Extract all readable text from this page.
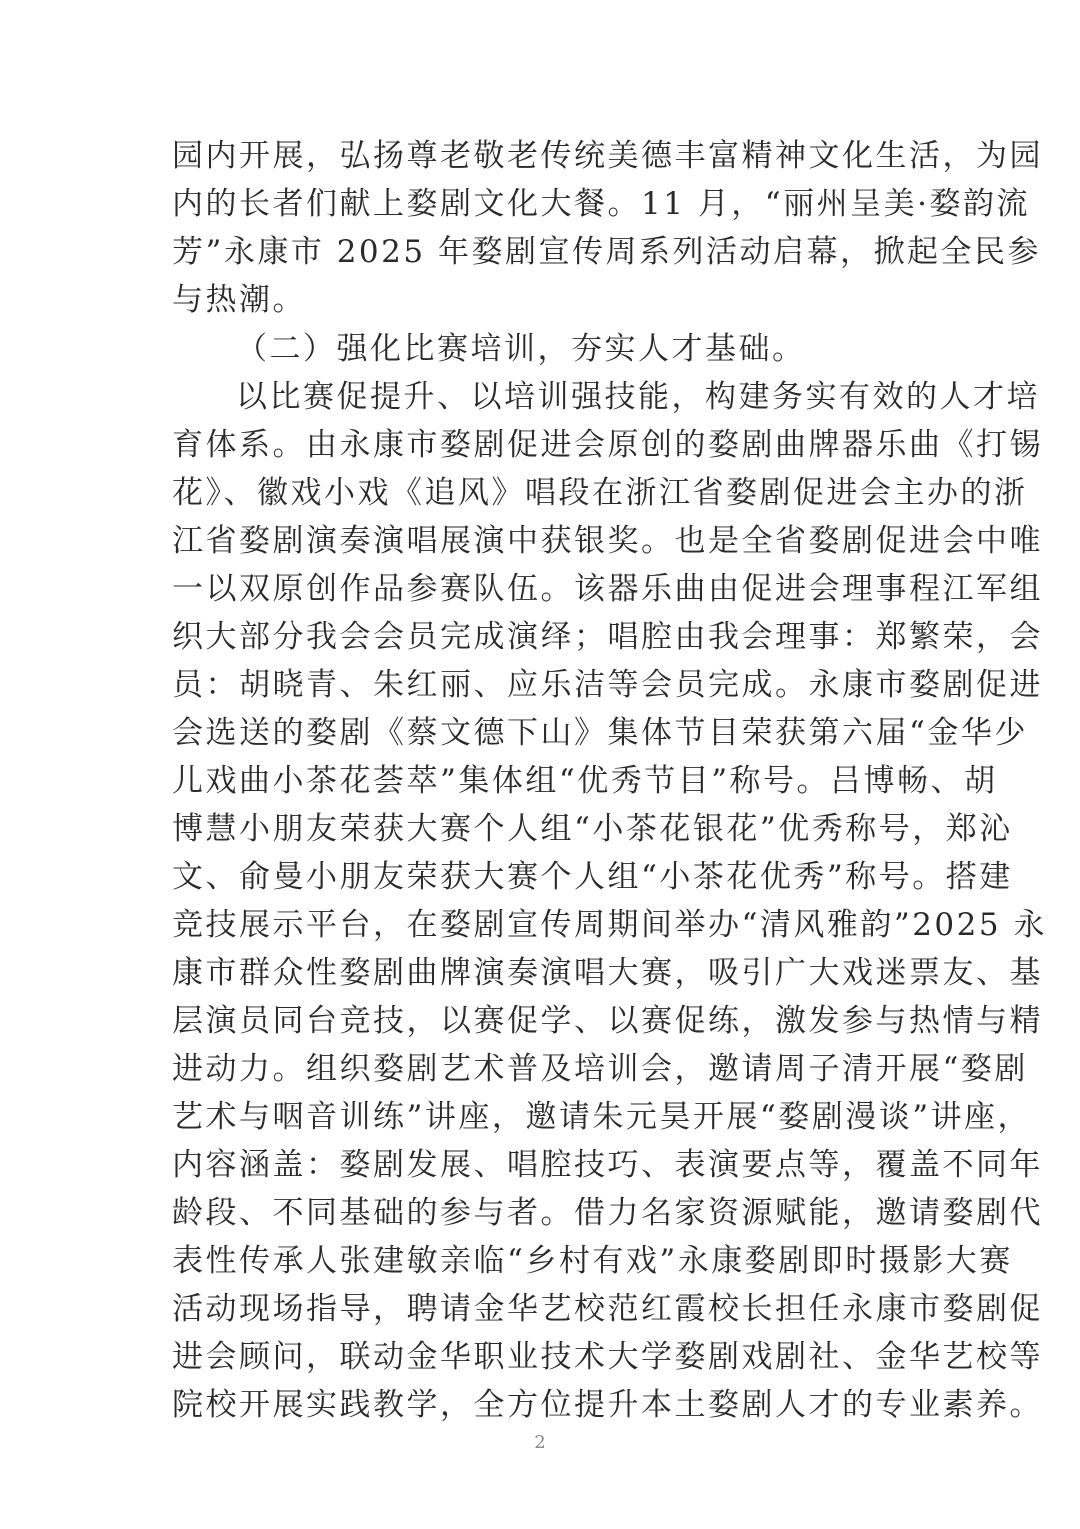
园内开展，弘扬尊老敬老传统美德丰富精神文化生活，为园
内的长者们献上婺剧文化大餐。11 月，“丽州呈美·婺韵流
芳”永康市 2025 年婺剧宣传周系列活动启幕，掀起全民参
与热潮。
（二）强化比赛培训，夯实人才基础。
以比赛促提升、以培训强技能，构建务实有效的人才培
育体系。由永康市婺剧促进会原创的婺剧曲牌器乐曲《打锡
花》、徽戏小戏《追风》唱段在浙江省婺剧促进会主办的浙
江省婺剧演奏演唱展演中获银奖。也是全省婺剧促进会中唯
一以双原创作品参赛队伍。该器乐曲由促进会理事程江军组
织大部分我会会员完成演绎；唱腔由我会理事：郑繁荣，会
员：胡晓青、朱红丽、应乐洁等会员完成。永康市婺剧促进
会选送的婺剧《蔡文德下山》集体节目荣获第六届“金华少
儿戏曲小茶花荟萃”集体组“优秀节目”称号。吕博畅、胡
博慧小朋友荣获大赛个人组“小茶花银花”优秀称号，郑沁
文、俞曼小朋友荣获大赛个人组“小茶花优秀”称号。搭建
竞技展示平台，在婺剧宣传周期间举办“清风雅韵”2025 永
康市群众性婺剧曲牌演奏演唱大赛，吸引广大戏迷票友、基
层演员同台竞技，以赛促学、以赛促练，激发参与热情与精
进动力。组织婺剧艺术普及培训会，邀请周子清开展“婺剧
艺术与咽音训练”讲座，邀请朱元昊开展“婺剧漫谈”讲座，
内容涵盖：婺剧发展、唱腔技巧、表演要点等，覆盖不同年
龄段、不同基础的参与者。借力名家资源赋能，邀请婺剧代
表性传承人张建敏亲临“乡村有戏”永康婺剧即时摄影大赛
活动现场指导，聘请金华艺校范红霞校长担任永康市婺剧促
进会顾问，联动金华职业技术大学婺剧戏剧社、金华艺校等
院校开展实践教学，全方位提升本土婺剧人才的专业素养。
2
